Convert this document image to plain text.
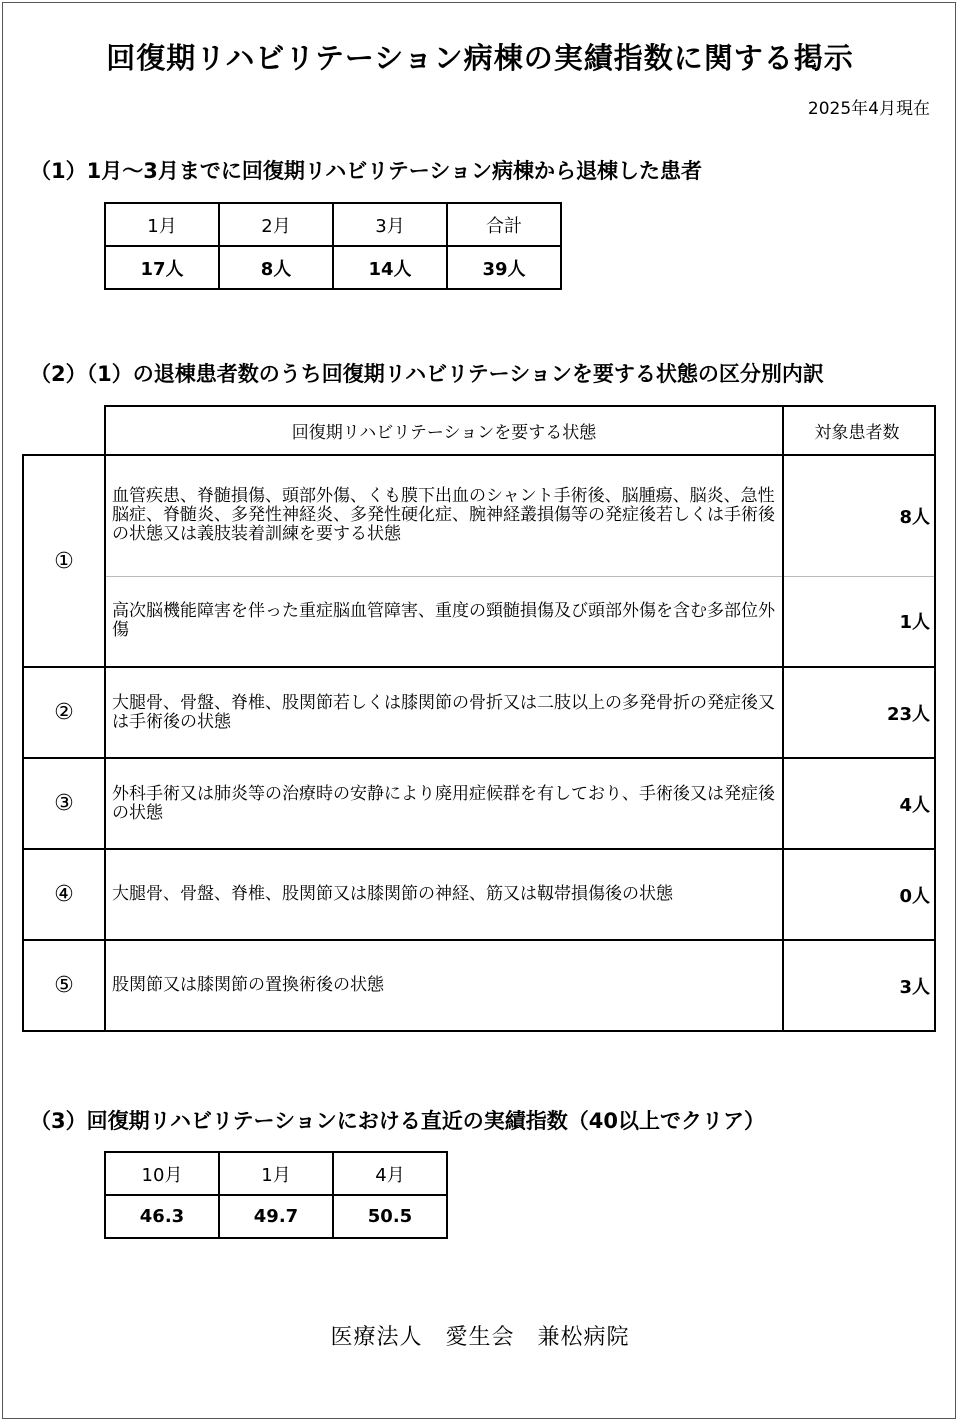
回復期リハビリテーション病棟の実績指数に関する掲示
2025年4月現在
（1）1月～3月までに回復期リハビリテーション病棟から退棟した患者
1月	2月	3月	合計
17人	8人	14人	39人
（2）（1）の退棟患者数のうち回復期リハビリテーションを要する状態の区分別内訳
	回復期リハビリテーションを要する状態	対象患者数
①	血管疾患、脊髄損傷、頭部外傷、くも膜下出血のシャント手術後、脳腫瘍、脳炎、急性脳症、脊髄炎、多発性神経炎、多発性硬化症、腕神経叢損傷等の発症後若しくは手術後の状態又は義肢装着訓練を要する状態	8人
	高次脳機能障害を伴った重症脳血管障害、重度の頸髄損傷及び頭部外傷を含む多部位外傷	1人
②	大腿骨、骨盤、脊椎、股関節若しくは膝関節の骨折又は二肢以上の多発骨折の発症後又は手術後の状態	23人
③	外科手術又は肺炎等の治療時の安静により廃用症候群を有しており、手術後又は発症後の状態	4人
④	大腿骨、骨盤、脊椎、股関節又は膝関節の神経、筋又は靱帯損傷後の状態	0人
⑤	股関節又は膝関節の置換術後の状態	3人
（3）回復期リハビリテーションにおける直近の実績指数（40以上でクリア）
10月	1月	4月
46.3	49.7	50.5
医療法人　愛生会　兼松病院
